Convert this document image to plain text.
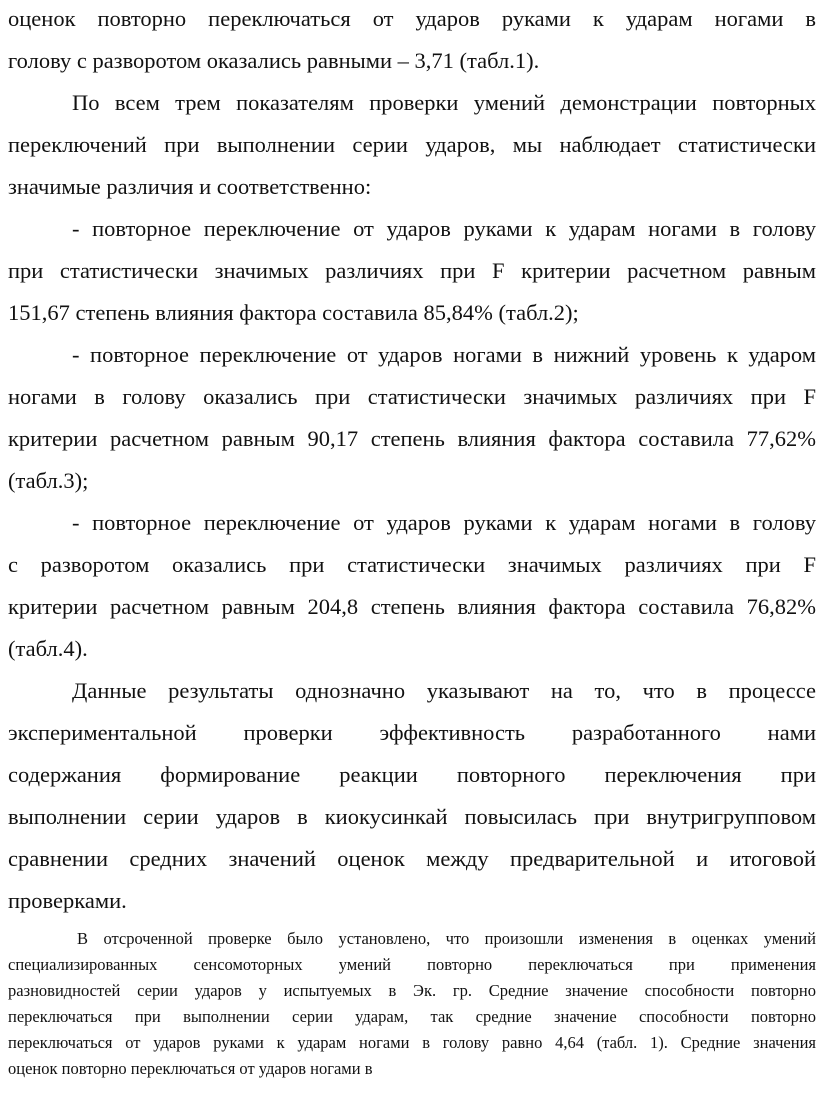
оценок повторно переключаться от ударов руками к ударам ногами в
голову с разворотом оказались равными – 3,71 (табл.1).
По всем трем показателям проверки умений демонстрации повторных
переключений при выполнении серии ударов, мы наблюдает статистически
значимые различия и соответственно:
- повторное переключение от ударов руками к ударам ногами в голову
при статистически значимых различиях при F критерии расчетном равным
151,67 степень влияния фактора составила 85,84% (табл.2);
- повторное переключение от ударов ногами в нижний уровень к ударом
ногами в голову оказались при статистически значимых различиях при F
критерии расчетном равным 90,17 степень влияния фактора составила 77,62%
(табл.3);
- повторное переключение от ударов руками к ударам ногами в голову
с разворотом оказались при статистически значимых различиях при F
критерии расчетном равным 204,8 степень влияния фактора составила 76,82%
(табл.4).
Данные результаты однозначно указывают на то, что в процессе
экспериментальной проверки эффективность разработанного нами
содержания формирование реакции повторного переключения при
выполнении серии ударов в киокусинкай повысилась при внутригрупповом
сравнении средних значений оценок между предварительной и итоговой
проверками.
В отсроченной проверке было установлено, что произошли изменения в оценках умений
специализированных сенсомоторных умений повторно переключаться при применения
разновидностей серии ударов у испытуемых в Эк. гр. Средние значение способности повторно
переключаться при выполнении серии ударам, так средние значение способности повторно
переключаться от ударов руками к ударам ногами в голову равно 4,64 (табл. 1). Средние значения
оценок повторно переключаться от ударов ногами в
